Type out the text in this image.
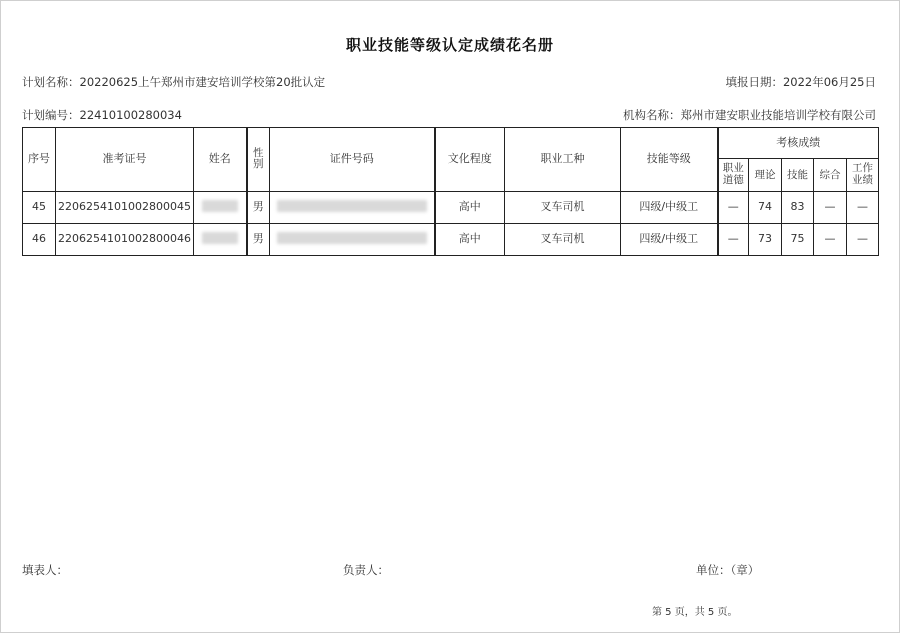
职业技能等级认定成绩花名册
计划名称：20220625上午郑州市建安培训学校第20批认定	填报日期：2022年06月25日
计划编号：22410100280034	机构名称：郑州市建安职业技能培训学校有限公司
序号	准考证号	姓名	性别	证件号码	文化程度	职业工种	技能等级	考核成绩				
								职业道德	理论	技能	综合	工作业绩
45	2206254101002800045		男		高中	叉车司机	四级/中级工	—	74	83	—	—
46	2206254101002800046		男		高中	叉车司机	四级/中级工	—	73	75	—	—
填表人：	负责人：	单位：（章）
第 5 页，共 5 页。
